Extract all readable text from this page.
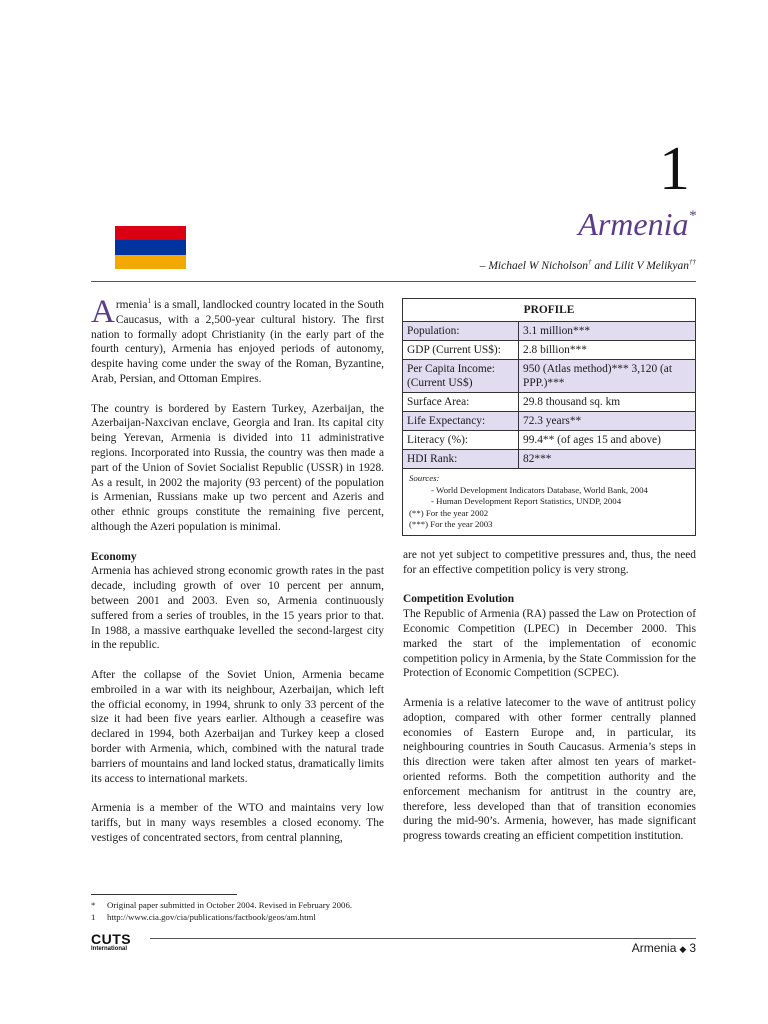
1
Armenia*
– Michael W Nicholson† and Lilit V Melikyan††

Armenia$^1$ is a small, landlocked country located in the South Caucasus, with a 2,500-year cultural history. The first nation to formally adopt Christianity (in the early part of the fourth century), Armenia has enjoyed periods of autonomy, despite having come under the sway of the Roman, Byzantine, Arab, Persian, and Ottoman Empires.

The country is bordered by Eastern Turkey, Azerbaijan, the Azerbaijan-Naxcivan enclave, Georgia and Iran. Its capital city being Yerevan, Armenia is divided into 11 administrative regions. Incorporated into Russia, the country was then made a part of the Union of Soviet Socialist Republic (USSR) in 1928. As a result, in 2002 the majority (93 percent) of the population is Armenian, Russians make up two percent and Azeris and other ethnic groups constitute the remaining five percent, although the Azeri population is minimal.

Economy

Armenia has achieved strong economic growth rates in the past decade, including growth of over 10 percent per annum, between 2001 and 2003. Even so, Armenia continuously suffered from a series of troubles, in the 15 years prior to that. In 1988, a massive earthquake levelled the second-largest city in the republic.

After the collapse of the Soviet Union, Armenia became embroiled in a war with its neighbour, Azerbaijan, which left the official economy, in 1994, shrunk to only 33 percent of the size it had been five years earlier. Although a ceasefire was declared in 1994, both Azerbaijan and Turkey keep a closed border with Armenia, which, combined with the natural trade barriers of mountains and land locked status, dramatically limits its access to international markets.

Armenia is a member of the WTO and maintains very low tariffs, but in many ways resembles a closed economy. The vestiges of concentrated sectors, from central planning,

PROFILE	
Population:	3.1 million***
GDP (Current US$):	2.8 billion***
Per Capita Income: (Current US$)	950 (Atlas method)*** 3,120 (at PPP.)***
Surface Area:	29.8 thousand sq. km
Life Expectancy:	72.3 years**
Literacy (%):	99.4** (of ages 15 and above)
HDI Rank:	82***

Sources:
- World Development Indicators Database, World Bank, 2004
- Human Development Report Statistics, UNDP, 2004
(**) For the year 2002
(***) For the year 2003	

are not yet subject to competitive pressures and, thus, the need for an effective competition policy is very strong.

Competition Evolution

The Republic of Armenia (RA) passed the Law on Protection of Economic Competition (LPEC) in December 2000. This marked the start of the implementation of economic competition policy in Armenia, by the State Commission for the Protection of Economic Competition (SCPEC).

Armenia is a relative latecomer to the wave of antitrust policy adoption, compared with other former centrally planned economies of Eastern Europe and, in particular, its neighbouring countries in South Caucasus. Armenia’s steps in this direction were taken after almost ten years of market-oriented reforms. Both the competition authority and the enforcement mechanism for antitrust in the country are, therefore, less developed than that of transition economies during the mid-90’s. Armenia, however, has made significant progress towards creating an efficient competition institution.

* Original paper submitted in October 2004. Revised in February 2006.
1 http://www.cia.gov/cia/publications/factbook/geos/am.html
CUTS
International	Armenia ◆ 3
